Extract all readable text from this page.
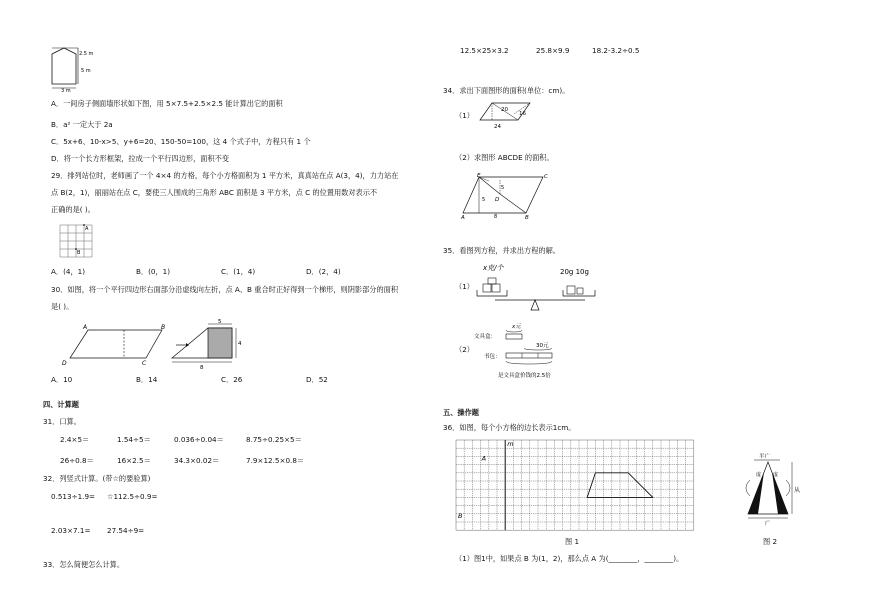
2.5 m
5 m
3 m
A．一间房子侧面墙形状如下图，用 5×7.5+2.5×2.5 能计算出它的面积
B．a² 一定大于 2a
C．5x+6、10-x>5、y+6=20、150-50=100，这 4 个式子中，方程只有 1 个
D．将一个长方形框架，拉成一个平行四边形，面积不变
29．排列站位时，老师画了一个 4×4 的方格，每个小方格面积为 1 平方米，真真站在点 A(3，4)，力力站在
点 B(2，1)，丽丽站在点 C，要使三人围成的三角形 ABC 面积是 3 平方米，点 C 的位置用数对表示不
正确的是( )。
A
B
A．(4，1)	B．(0，1)	C．(1，4)	D．(2，4)
30．如图，将一个平行四边形右面部分沿虚线向左折，点 A、B 重合时正好得到一个梯形，则阴影部分的面积
是( )。
A	B
C
D
5
4
8
A．10	B．14	C．26	D．52
四、计算题
31．口算。
2.4×5＝	1.54÷5＝	0.036÷0.04＝	8.75÷0.25×5＝
26÷0.8＝	16×2.5＝	34.3×0.02＝	7.9×12.5×0.8＝
32．列竖式计算。(带☆的要验算)
0.513÷1.9= ☆112.5÷0.9=
2.03×7.1= 27.54÷9=
33．怎么简便怎么计算。
12.5×25×3.2	25.8×9.9	18.2-3.2÷0.5
34．求出下面图形的面积(单位：cm)。
（1）
20
16
24
（2）求图形 ABCDE 的面积。
A	B
C
D
E
5
5
8
35．看图列方程，并求出方程的解。
（1）
x克/个	20g 10g
（2）
x元
文具盒：
30元
书包：
是文具盒价钱的2.5倍
五、操作题
36．如图，每个小方格的边长表示1cm。
m
A
B
图 1
半广
虚 虚
从
广
图 2
（1）图1中，如果点 B 为(1，2)，那么点 A 为(________，________)。
